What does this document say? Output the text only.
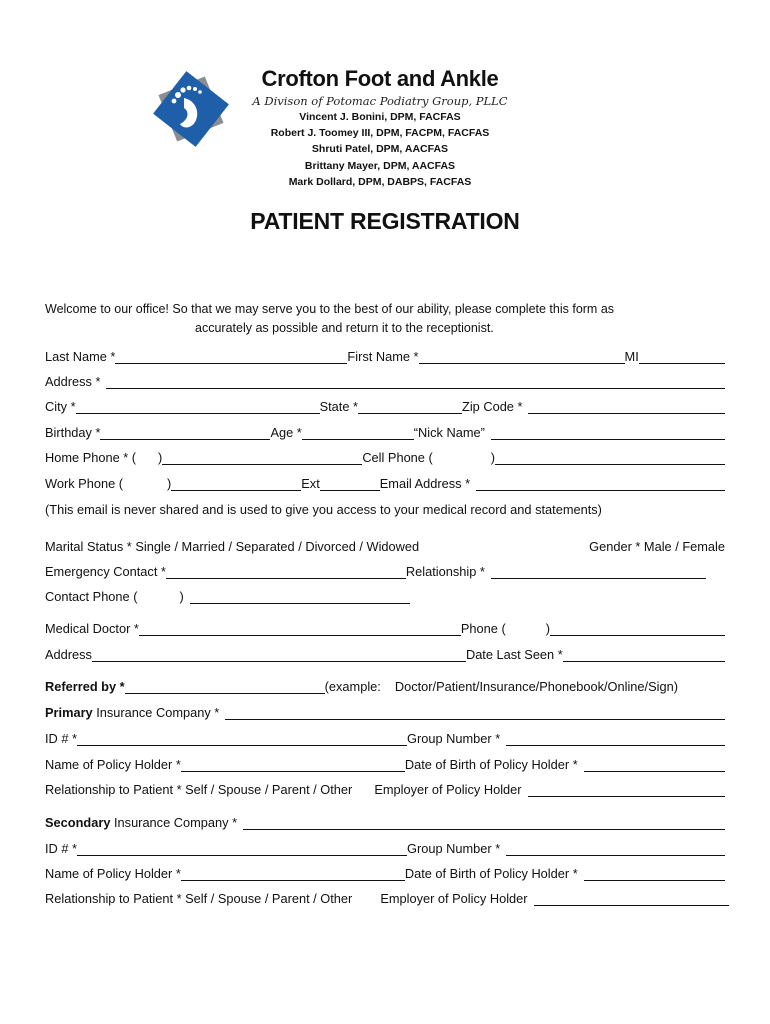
Crofton Foot and Ankle
A Divison of Potomac Podiatry Group, PLLC
Vincent J. Bonini, DPM, FACFAS
Robert J. Toomey III, DPM, FACPM, FACFAS
Shruti Patel, DPM, AACFAS
Brittany Mayer, DPM, AACFAS
Mark Dollard, DPM, DABPS, FACFAS
PATIENT REGISTRATION
Welcome to our office! So that we may serve you to the best of our ability, please complete this form as
accurately as possible and return it to the receptionist.
Last Name *	First Name *	MI
Address *
City *	State *	Zip Code *
Birthday *	Age *	“Nick Name”
Home Phone * ( )	Cell Phone (	)
Work Phone (	)	Ext	Email Address *
(This email is never shared and is used to give you access to your medical record and statements)
Marital Status * Single / Married / Separated / Divorced / Widowed	Gender * Male / Female
Emergency Contact *	Relationship *
Contact Phone (	)
Medical Doctor *	Phone (	)
Address	Date Last Seen *
Referred by *	(example: Doctor/Patient/Insurance/Phonebook/Online/Sign)
Primary Insurance Company *
ID # *	Group Number *
Name of Policy Holder *	Date of Birth of Policy Holder *
Relationship to Patient * Self / Spouse / Parent / Other Employer of Policy Holder
Secondary Insurance Company *
ID # *	Group Number *
Name of Policy Holder *	Date of Birth of Policy Holder *
Relationship to Patient * Self / Spouse / Parent / Other Employer of Policy Holder
